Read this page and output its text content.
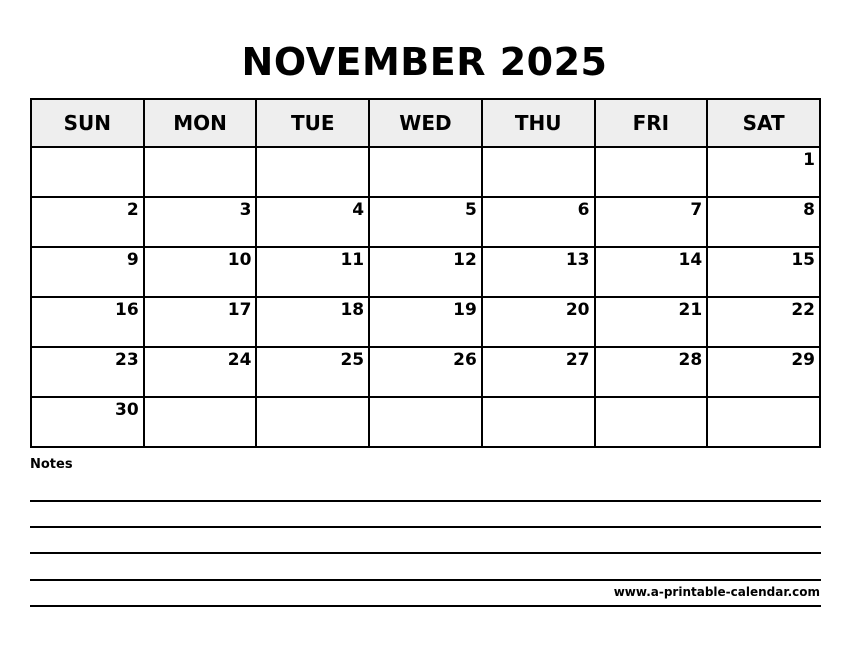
NOVEMBER 2025
SUN	MON	TUE	WED	THU	FRI	SAT

						1

2	3	4	5	6	7	8

9	10	11	12	13	14	15

16	17	18	19	20	21	22

23	24	25	26	27	28	29

30						

Notes
www.a-printable-calendar.com
